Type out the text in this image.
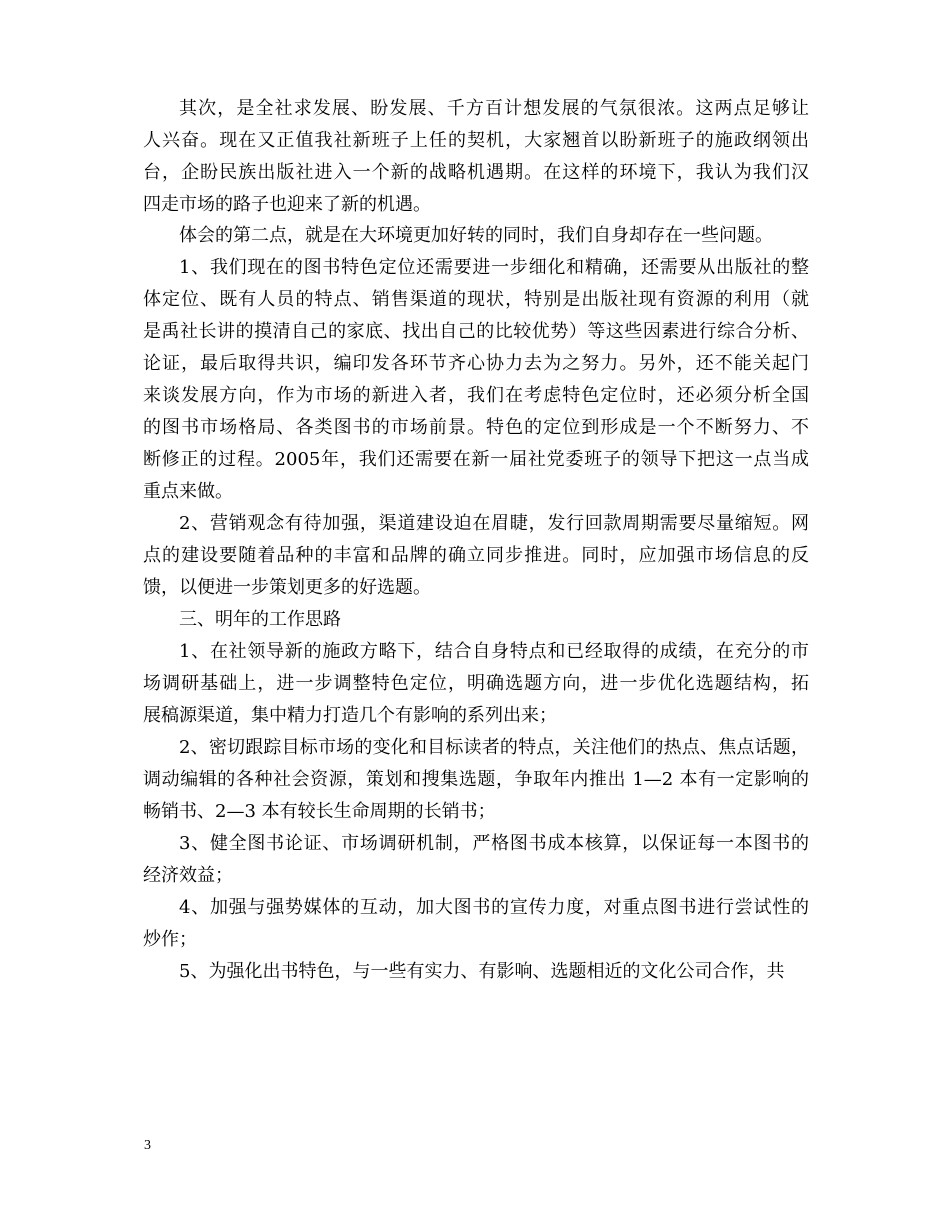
其次，是全社求发展、盼发展、千方百计想发展的气氛很浓。这两点足够让
人兴奋。现在又正值我社新班子上任的契机，大家翘首以盼新班子的施政纲领出
台，企盼民族出版社进入一个新的战略机遇期。在这样的环境下，我认为我们汉
四走市场的路子也迎来了新的机遇。
体会的第二点，就是在大环境更加好转的同时，我们自身却存在一些问题。
1、我们现在的图书特色定位还需要进一步细化和精确，还需要从出版社的整
体定位、既有人员的特点、销售渠道的现状，特别是出版社现有资源的利用（就
是禹社长讲的摸清自己的家底、找出自己的比较优势）等这些因素进行综合分析、
论证，最后取得共识，编印发各环节齐心协力去为之努力。另外，还不能关起门
来谈发展方向，作为市场的新进入者，我们在考虑特色定位时，还必须分析全国
的图书市场格局、各类图书的市场前景。特色的定位到形成是一个不断努力、不
断修正的过程。2005年，我们还需要在新一届社党委班子的领导下把这一点当成
重点来做。
2、营销观念有待加强，渠道建设迫在眉睫，发行回款周期需要尽量缩短。网
点的建设要随着品种的丰富和品牌的确立同步推进。同时，应加强市场信息的反
馈，以便进一步策划更多的好选题。
三、明年的工作思路
1、在社领导新的施政方略下，结合自身特点和已经取得的成绩，在充分的市
场调研基础上，进一步调整特色定位，明确选题方向，进一步优化选题结构，拓
展稿源渠道，集中精力打造几个有影响的系列出来；
2、密切跟踪目标市场的变化和目标读者的特点，关注他们的热点、焦点话题，
调动编辑的各种社会资源，策划和搜集选题，争取年内推出 1—2 本有一定影响的
畅销书、2—3 本有较长生命周期的长销书；
3、健全图书论证、市场调研机制，严格图书成本核算，以保证每一本图书的
经济效益；
4、加强与强势媒体的互动，加大图书的宣传力度，对重点图书进行尝试性的
炒作；
5、为强化出书特色，与一些有实力、有影响、选题相近的文化公司合作，共
3
